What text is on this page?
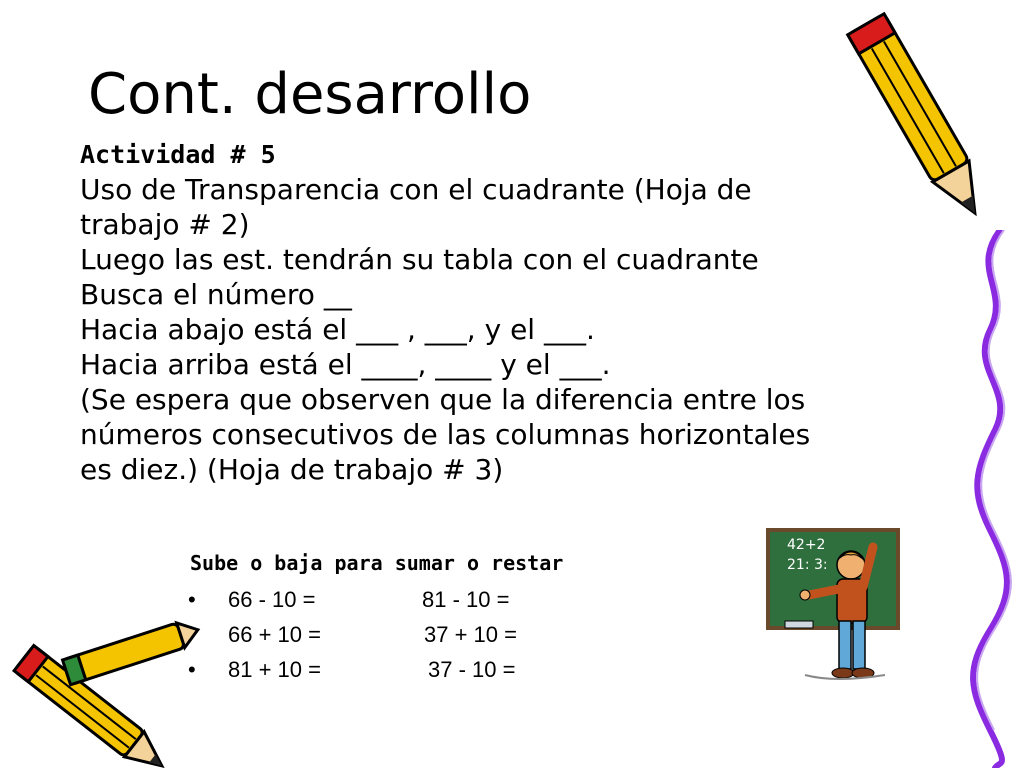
Cont. desarrollo
Actividad # 5
Uso de Transparencia con el cuadrante (Hoja de
trabajo # 2)
Luego las est. tendrán su tabla con el cuadrante
Busca el número __
Hacia abajo está el ___ , ___, y el ___.
Hacia arriba está el ____, ____ y el ___.
(Se espera que observen que la diferencia entre los
números consecutivos de las columnas horizontales
es diez.) (Hoja de trabajo # 3)
Sube o baja para sumar o restar
• 66 - 10 =	81 - 10 =
66 + 10 =	37 + 10 =
• 81 + 10 =	37 - 10 =
42+2
21: 3:
